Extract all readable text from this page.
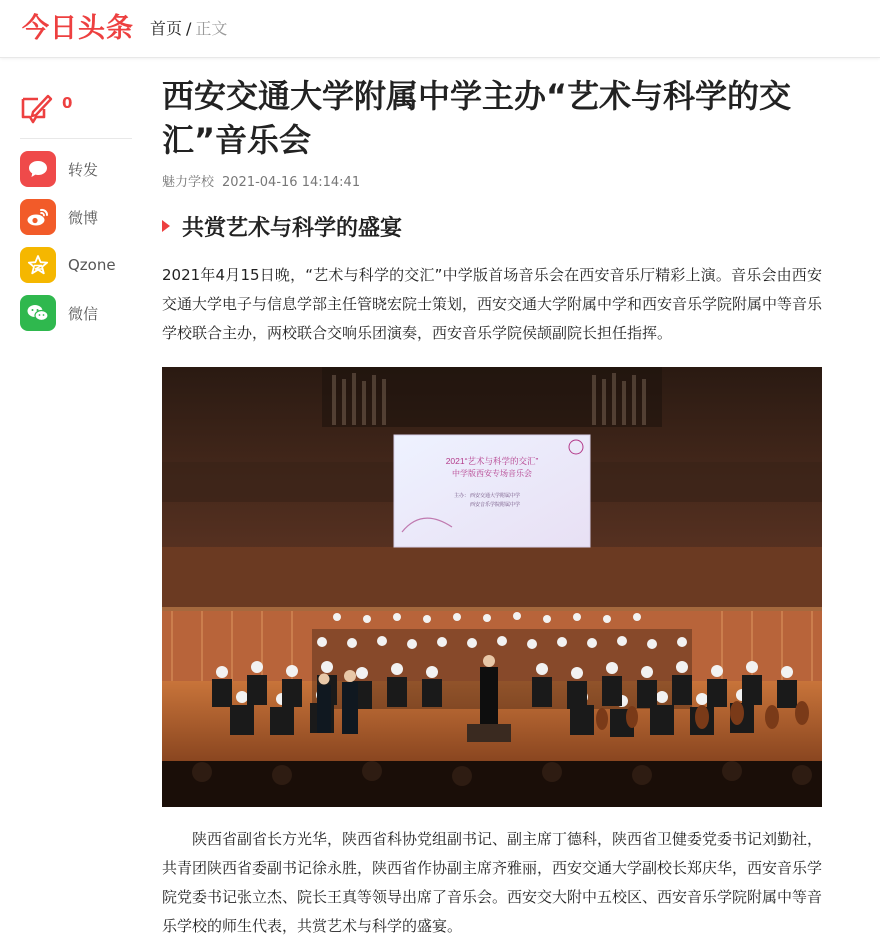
今日头条 首页 / 正文
0
转发
微博
Qzone
微信
西安交通大学附属中学主办“艺术与科学的交汇”音乐会
魅力学校 2021-04-16 14:14:41
共赏艺术与科学的盛宴

2021年4月15日晚，“艺术与科学的交汇”中学版首场音乐会在西安音乐厅精彩上演。音乐会由西安交通大学电子与信息学部主任管晓宏院士策划，西安交通大学附属中学和西安音乐学院附属中等音乐学校联合主办，两校联合交响乐团演奏，西安音乐学院侯颉副院长担任指挥。

2021“艺术与科学的交汇”
中学版西安专场音乐会
主办： 西安交通大学附属中学
西安音乐学院附属中学

陕西省副省长方光华，陕西省科协党组副书记、副主席丁德科，陕西省卫健委党委书记刘勤社，共青团陕西省委副书记徐永胜，陕西省作协副主席齐雅丽，西安交通大学副校长郑庆华，西安音乐学院党委书记张立杰、院长王真等领导出席了音乐会。西安交大附中五校区、西安音乐学院附属中等音乐学校的师生代表，共赏艺术与科学的盛宴。
